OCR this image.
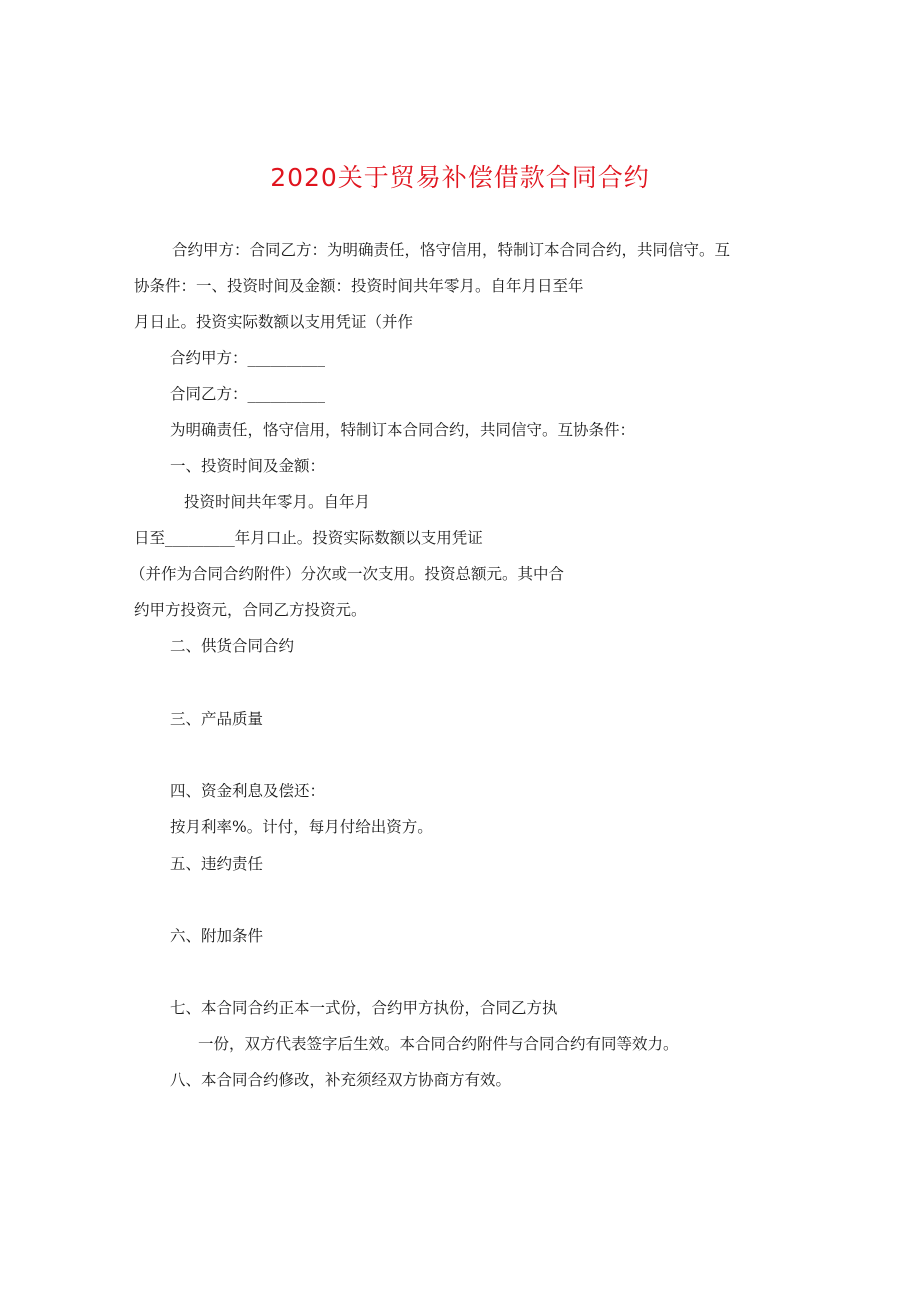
2020关于贸易补偿借款合同合约

合约甲方：合同乙方：为明确责任，恪守信用，特制订本合同合约，共同信守。互

协条件：一、投资时间及金额：投资时间共年零月。自年月日至年

月日止。投资实际数额以支用凭证（并作

合约甲方：__________

合同乙方：__________

为明确责任，恪守信用，特制订本合同合约，共同信守。互协条件：

一、投资时间及金额：

投资时间共年零月。自年月

日至_________年月口止。投资实际数额以支用凭证

（并作为合同合约附件）分次或一次支用。投资总额元。其中合

约甲方投资元，合同乙方投资元。

二、供货合同合约

三、产品质量

四、资金利息及偿还：

按月利率%。计付，每月付给出资方。

五、违约责任

六、附加条件

七、本合同合约正本一式份，合约甲方执份，合同乙方执

一份，双方代表签字后生效。本合同合约附件与合同合约有同等效力。

八、本合同合约修改，补充须经双方协商方有效。
